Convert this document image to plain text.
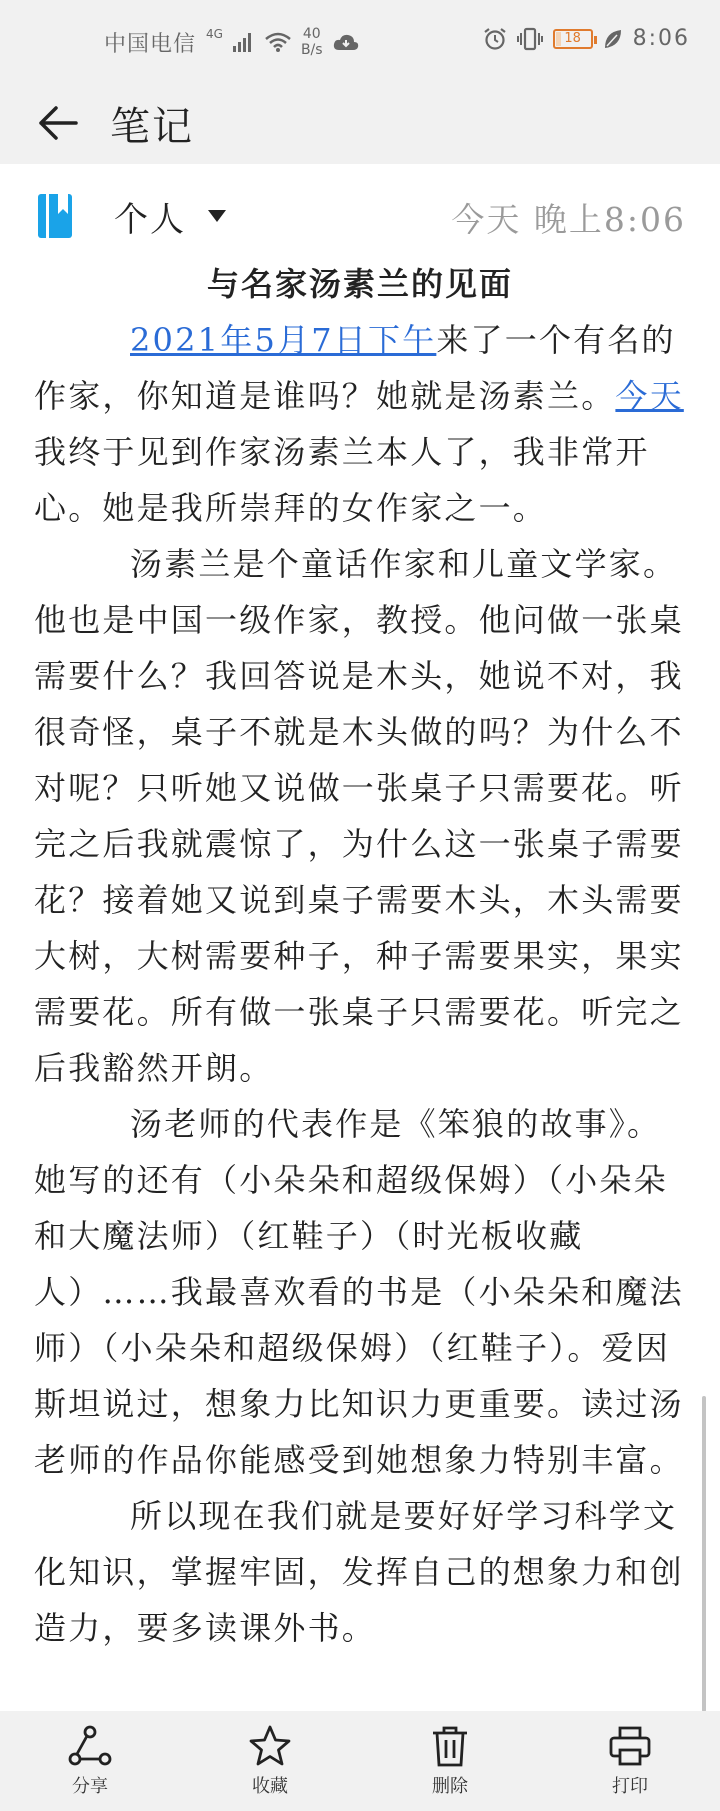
中国电信 4G	40
B/s
18 8:06
笔记
个人	今天 晚上8:06
与名家汤素兰的见面

2021年5月7日下午来了一个有名的作家，你知道是谁吗？她就是汤素兰。今天我终于见到作家汤素兰本人了，我非常开心。她是我所崇拜的女作家之一。

汤素兰是个童话作家和儿童文学家。他也是中国一级作家，教授。他问做一张桌需要什么？我回答说是木头，她说不对，我很奇怪，桌子不就是木头做的吗？为什么不对呢？只听她又说做一张桌子只需要花。听完之后我就震惊了，为什么这一张桌子需要花？接着她又说到桌子需要木头，木头需要大树，大树需要种子，种子需要果实，果实需要花。所有做一张桌子只需要花。听完之后我豁然开朗。

汤老师的代表作是《笨狼的故事》。她写的还有（小朵朵和超级保姆）（小朵朵和大魔法师）（红鞋子）（时光板收藏人）……我最喜欢看的书是（小朵朵和魔法师）（小朵朵和超级保姆）（红鞋子）。爱因斯坦说过，想象力比知识力更重要。读过汤老师的作品你能感受到她想象力特别丰富。

所以现在我们就是要好好学习科学文化知识，掌握牢固，发挥自己的想象力和创造力，要多读课外书。

分享	收藏	删除	打印
